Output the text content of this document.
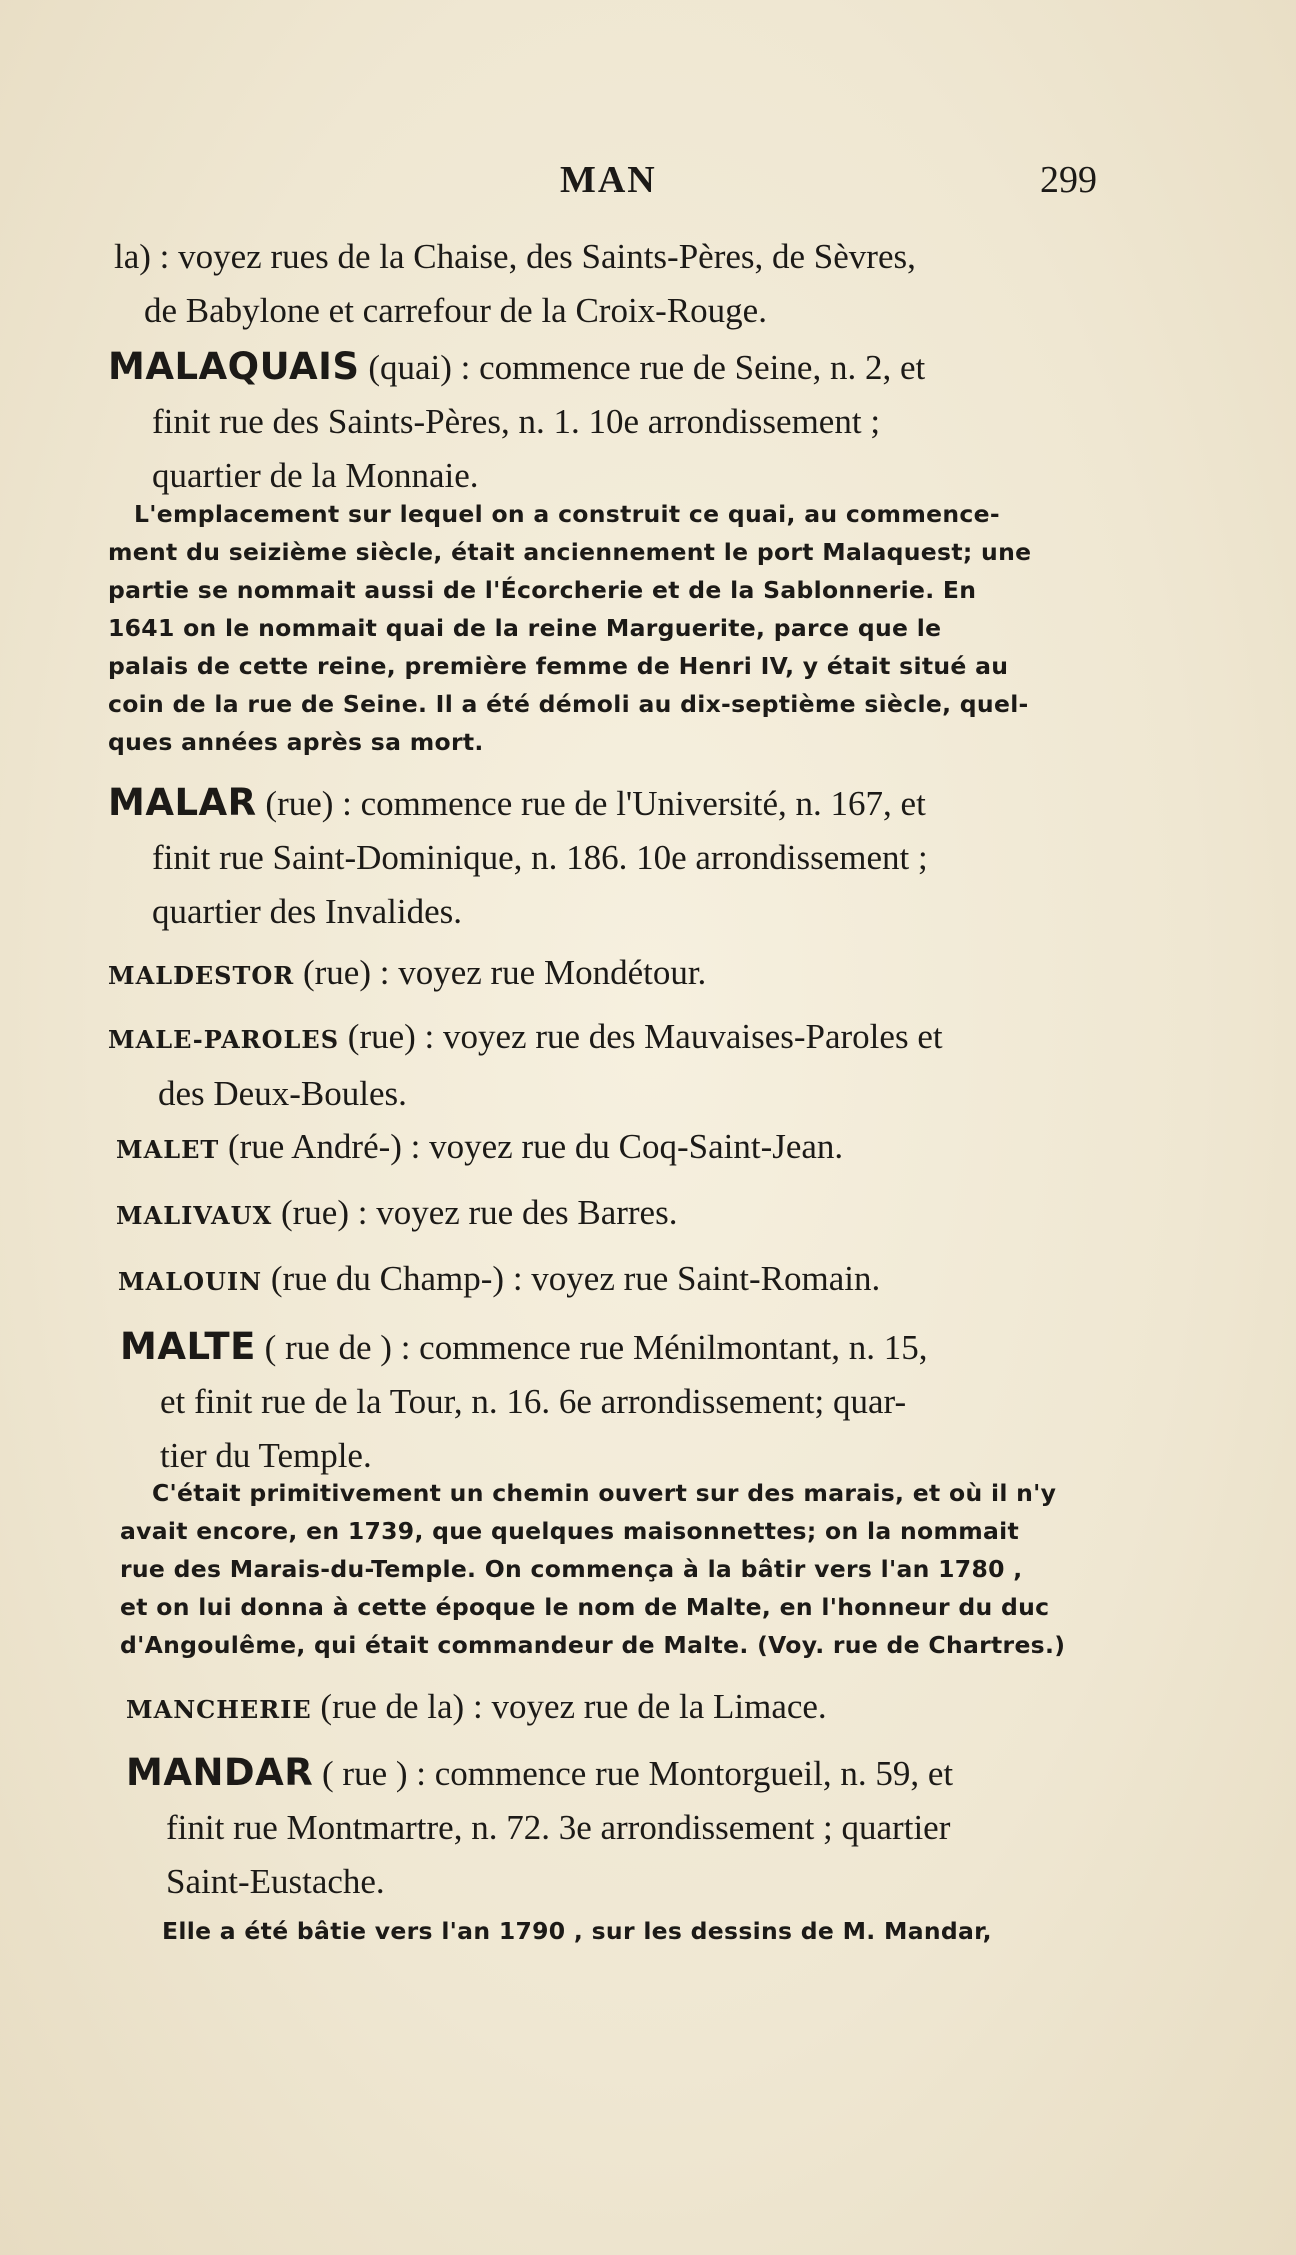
MAN	299
la) : voyez rues de la Chaise, des Saints-Pères, de Sèvres,
de Babylone et carrefour de la Croix-Rouge.
MALAQUAIS (quai) : commence rue de Seine, n. 2, et
finit rue des Saints-Pères, n. 1. 10e arrondissement ;
quartier de la Monnaie.
L'emplacement sur lequel on a construit ce quai, au commence-
ment du seizième siècle, était anciennement le port Malaquest; une
partie se nommait aussi de l'Écorcherie et de la Sablonnerie. En
1641 on le nommait quai de la reine Marguerite, parce que le
palais de cette reine, première femme de Henri IV, y était situé au
coin de la rue de Seine. Il a été démoli au dix-septième siècle, quel-
ques années après sa mort.
MALAR (rue) : commence rue de l'Université, n. 167, et
finit rue Saint-Dominique, n. 186. 10e arrondissement ;
quartier des Invalides.
MALDESTOR (rue) : voyez rue Mondétour.
MALE-PAROLES (rue) : voyez rue des Mauvaises-Paroles et
des Deux-Boules.
MALET (rue André-) : voyez rue du Coq-Saint-Jean.
MALIVAUX (rue) : voyez rue des Barres.
MALOUIN (rue du Champ-) : voyez rue Saint-Romain.
MALTE ( rue de ) : commence rue Ménilmontant, n. 15,
et finit rue de la Tour, n. 16. 6e arrondissement; quar-
tier du Temple.
C'était primitivement un chemin ouvert sur des marais, et où il n'y
avait encore, en 1739, que quelques maisonnettes; on la nommait
rue des Marais-du-Temple. On commença à la bâtir vers l'an 1780 ,
et on lui donna à cette époque le nom de Malte, en l'honneur du duc
d'Angoulême, qui était commandeur de Malte. (Voy. rue de Chartres.)
MANCHERIE (rue de la) : voyez rue de la Limace.
MANDAR ( rue ) : commence rue Montorgueil, n. 59, et
finit rue Montmartre, n. 72. 3e arrondissement ; quartier
Saint-Eustache.
Elle a été bâtie vers l'an 1790 , sur les dessins de M. Mandar,
